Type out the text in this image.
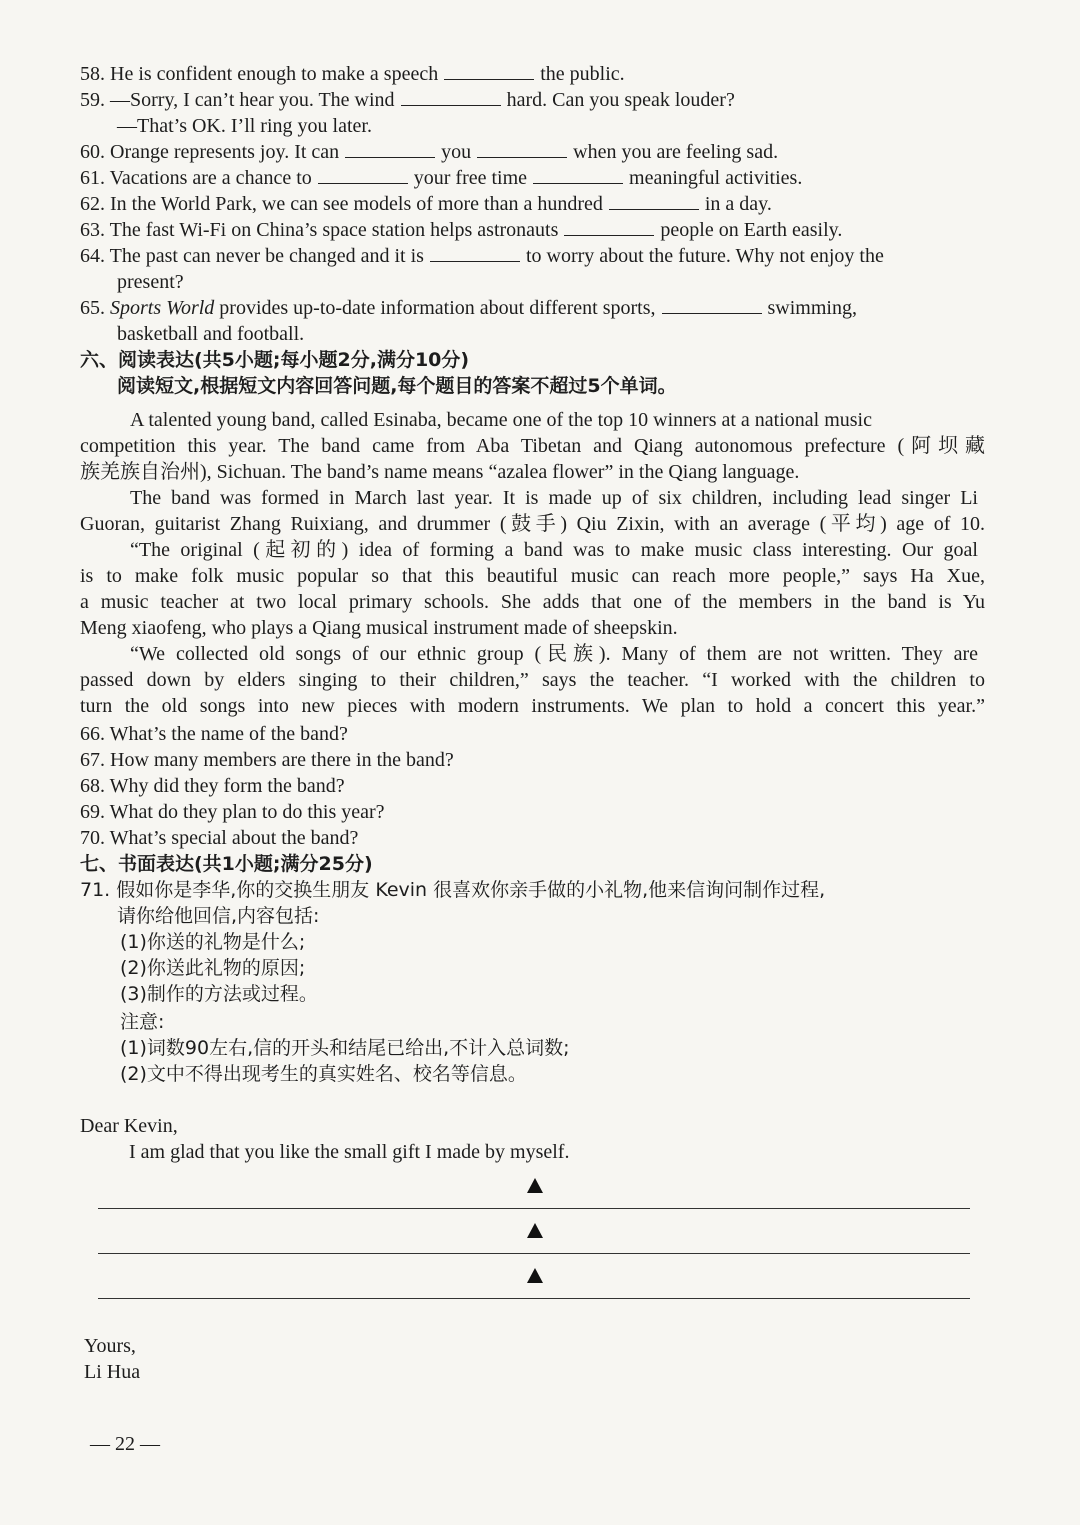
58. He is confident enough to make a speech	the public.
59. —Sorry, I can’t hear you. The wind	hard. Can you speak louder?
—That’s OK. I’ll ring you later.
60. Orange represents joy. It can	you	when you are feeling sad.
61. Vacations are a chance to	your free time	meaningful activities.
62. In the World Park, we can see models of more than a hundred	in a day.
63. The fast Wi-Fi on China’s space station helps astronauts	people on Earth easily.
64. The past can never be changed and it is	to worry about the future. Why not enjoy the
present?
65. Sports World provides up-to-date information about different sports,	swimming,
basketball and football.
六、阅读表达(共5小题;每小题2分,满分10分)
阅读短文,根据短文内容回答问题,每个题目的答案不超过5个单词。
A talented young band, called Esinaba, became one of the top 10 winners at a national music
competition this year. The band came from Aba Tibetan and Qiang autonomous prefecture (阿坝藏
族羌族自治州), Sichuan. The band’s name means “azalea flower” in the Qiang language.
The band was formed in March last year. It is made up of six children, including lead singer Li
Guoran, guitarist Zhang Ruixiang, and drummer (鼓手) Qiu Zixin, with an average (平均) age of 10.
“The original (起初的) idea of forming a band was to make music class interesting. Our goal
is to make folk music popular so that this beautiful music can reach more people,” says Ha Xue,
a music teacher at two local primary schools. She adds that one of the members in the band is Yu
Meng xiaofeng, who plays a Qiang musical instrument made of sheepskin.
“We collected old songs of our ethnic group (民族). Many of them are not written. They are
passed down by elders singing to their children,” says the teacher. “I worked with the children to
turn the old songs into new pieces with modern instruments. We plan to hold a concert this year.”
66. What’s the name of the band?
67. How many members are there in the band?
68. Why did they form the band?
69. What do they plan to do this year?
70. What’s special about the band?
七、书面表达(共1小题;满分25分)
71. 假如你是李华,你的交换生朋友 Kevin 很喜欢你亲手做的小礼物,他来信询问制作过程,
请你给他回信,内容包括:
(1)你送的礼物是什么;
(2)你送此礼物的原因;
(3)制作的方法或过程。
注意:
(1)词数90左右,信的开头和结尾已给出,不计入总词数;
(2)文中不得出现考生的真实姓名、校名等信息。
Dear Kevin,
I am glad that you like the small gift I made by myself.
Yours,
Li Hua
— 22 —
